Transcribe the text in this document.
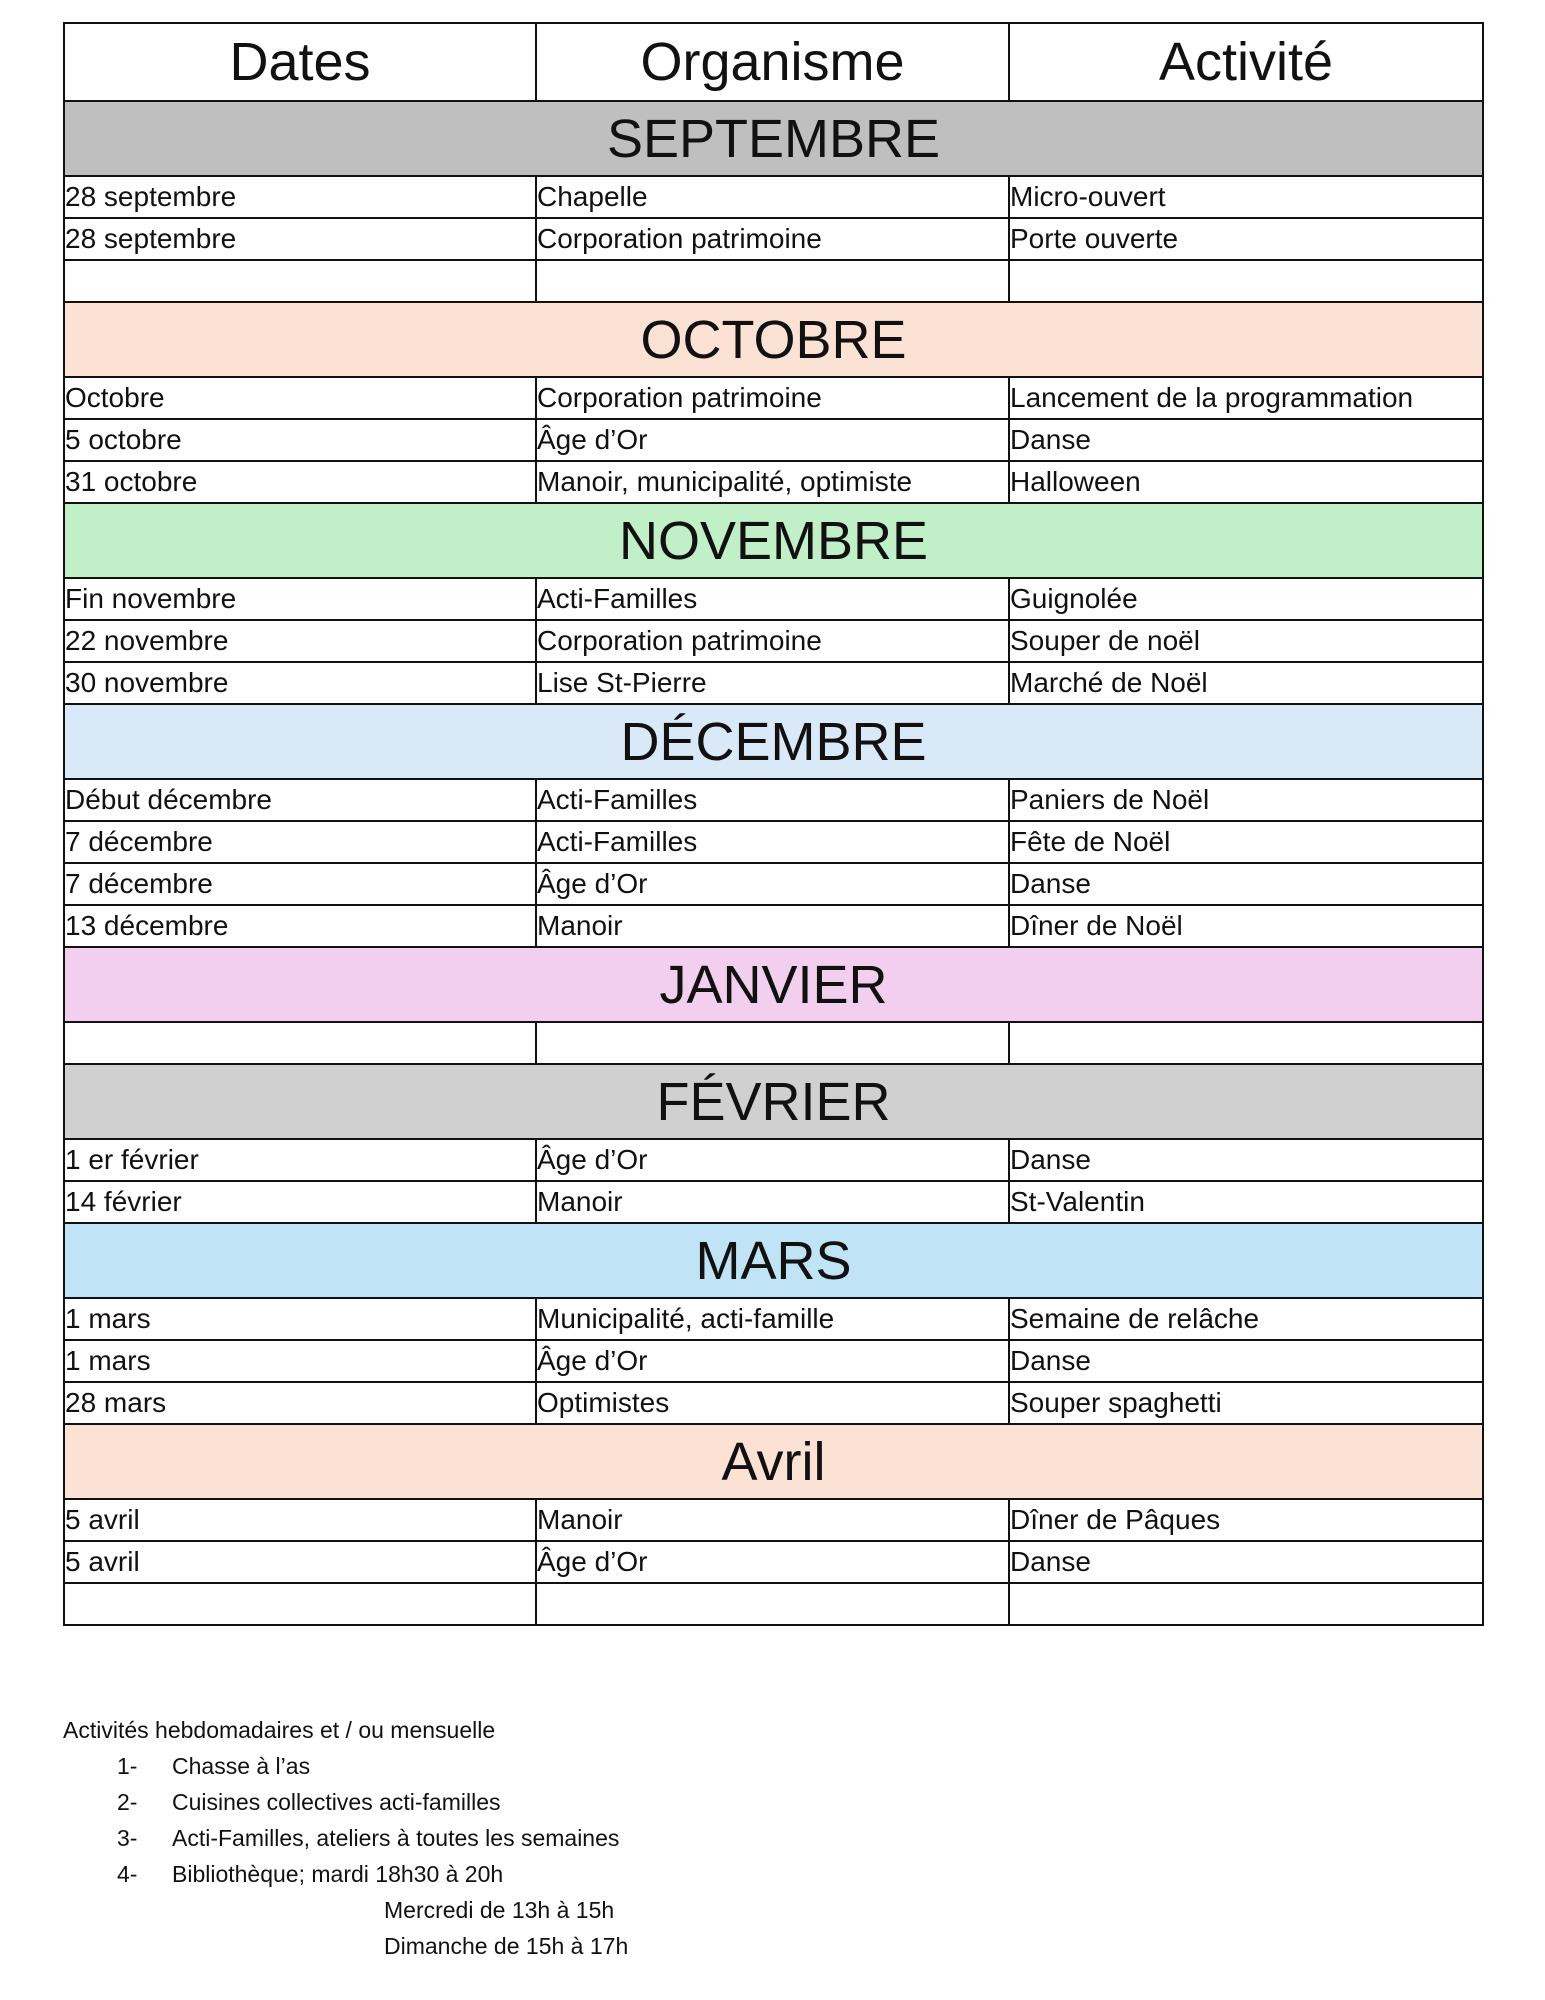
Dates	Organisme	Activité
SEPTEMBRE		
28 septembre	Chapelle	Micro-ouvert
28 septembre	Corporation patrimoine	Porte ouverte

OCTOBRE		
Octobre	Corporation patrimoine	Lancement de la programmation
5 octobre	Âge d’Or	Danse
31 octobre	Manoir, municipalité, optimiste	Halloween
NOVEMBRE		
Fin novembre	Acti-Familles	Guignolée
22 novembre	Corporation patrimoine	Souper de noël
30 novembre	Lise St-Pierre	Marché de Noël
DÉCEMBRE		
Début décembre	Acti-Familles	Paniers de Noël
7 décembre	Acti-Familles	Fête de Noël
7 décembre	Âge d’Or	Danse
13 décembre	Manoir	Dîner de Noël
JANVIER		

FÉVRIER		
1 er février	Âge d’Or	Danse
14 février	Manoir	St-Valentin
MARS		
1 mars	Municipalité, acti-famille	Semaine de relâche
1 mars	Âge d’Or	Danse
28 mars	Optimistes	Souper spaghetti
Avril		
5 avril	Manoir	Dîner de Pâques
5 avril	Âge d’Or	Danse

Activités hebdomadaires et / ou mensuelle
1- Chasse à l’as
2- Cuisines collectives acti-familles
3- Acti-Familles, ateliers à toutes les semaines
4- Bibliothèque; mardi 18h30 à 20h
Mercredi de 13h à 15h
Dimanche de 15h à 17h
